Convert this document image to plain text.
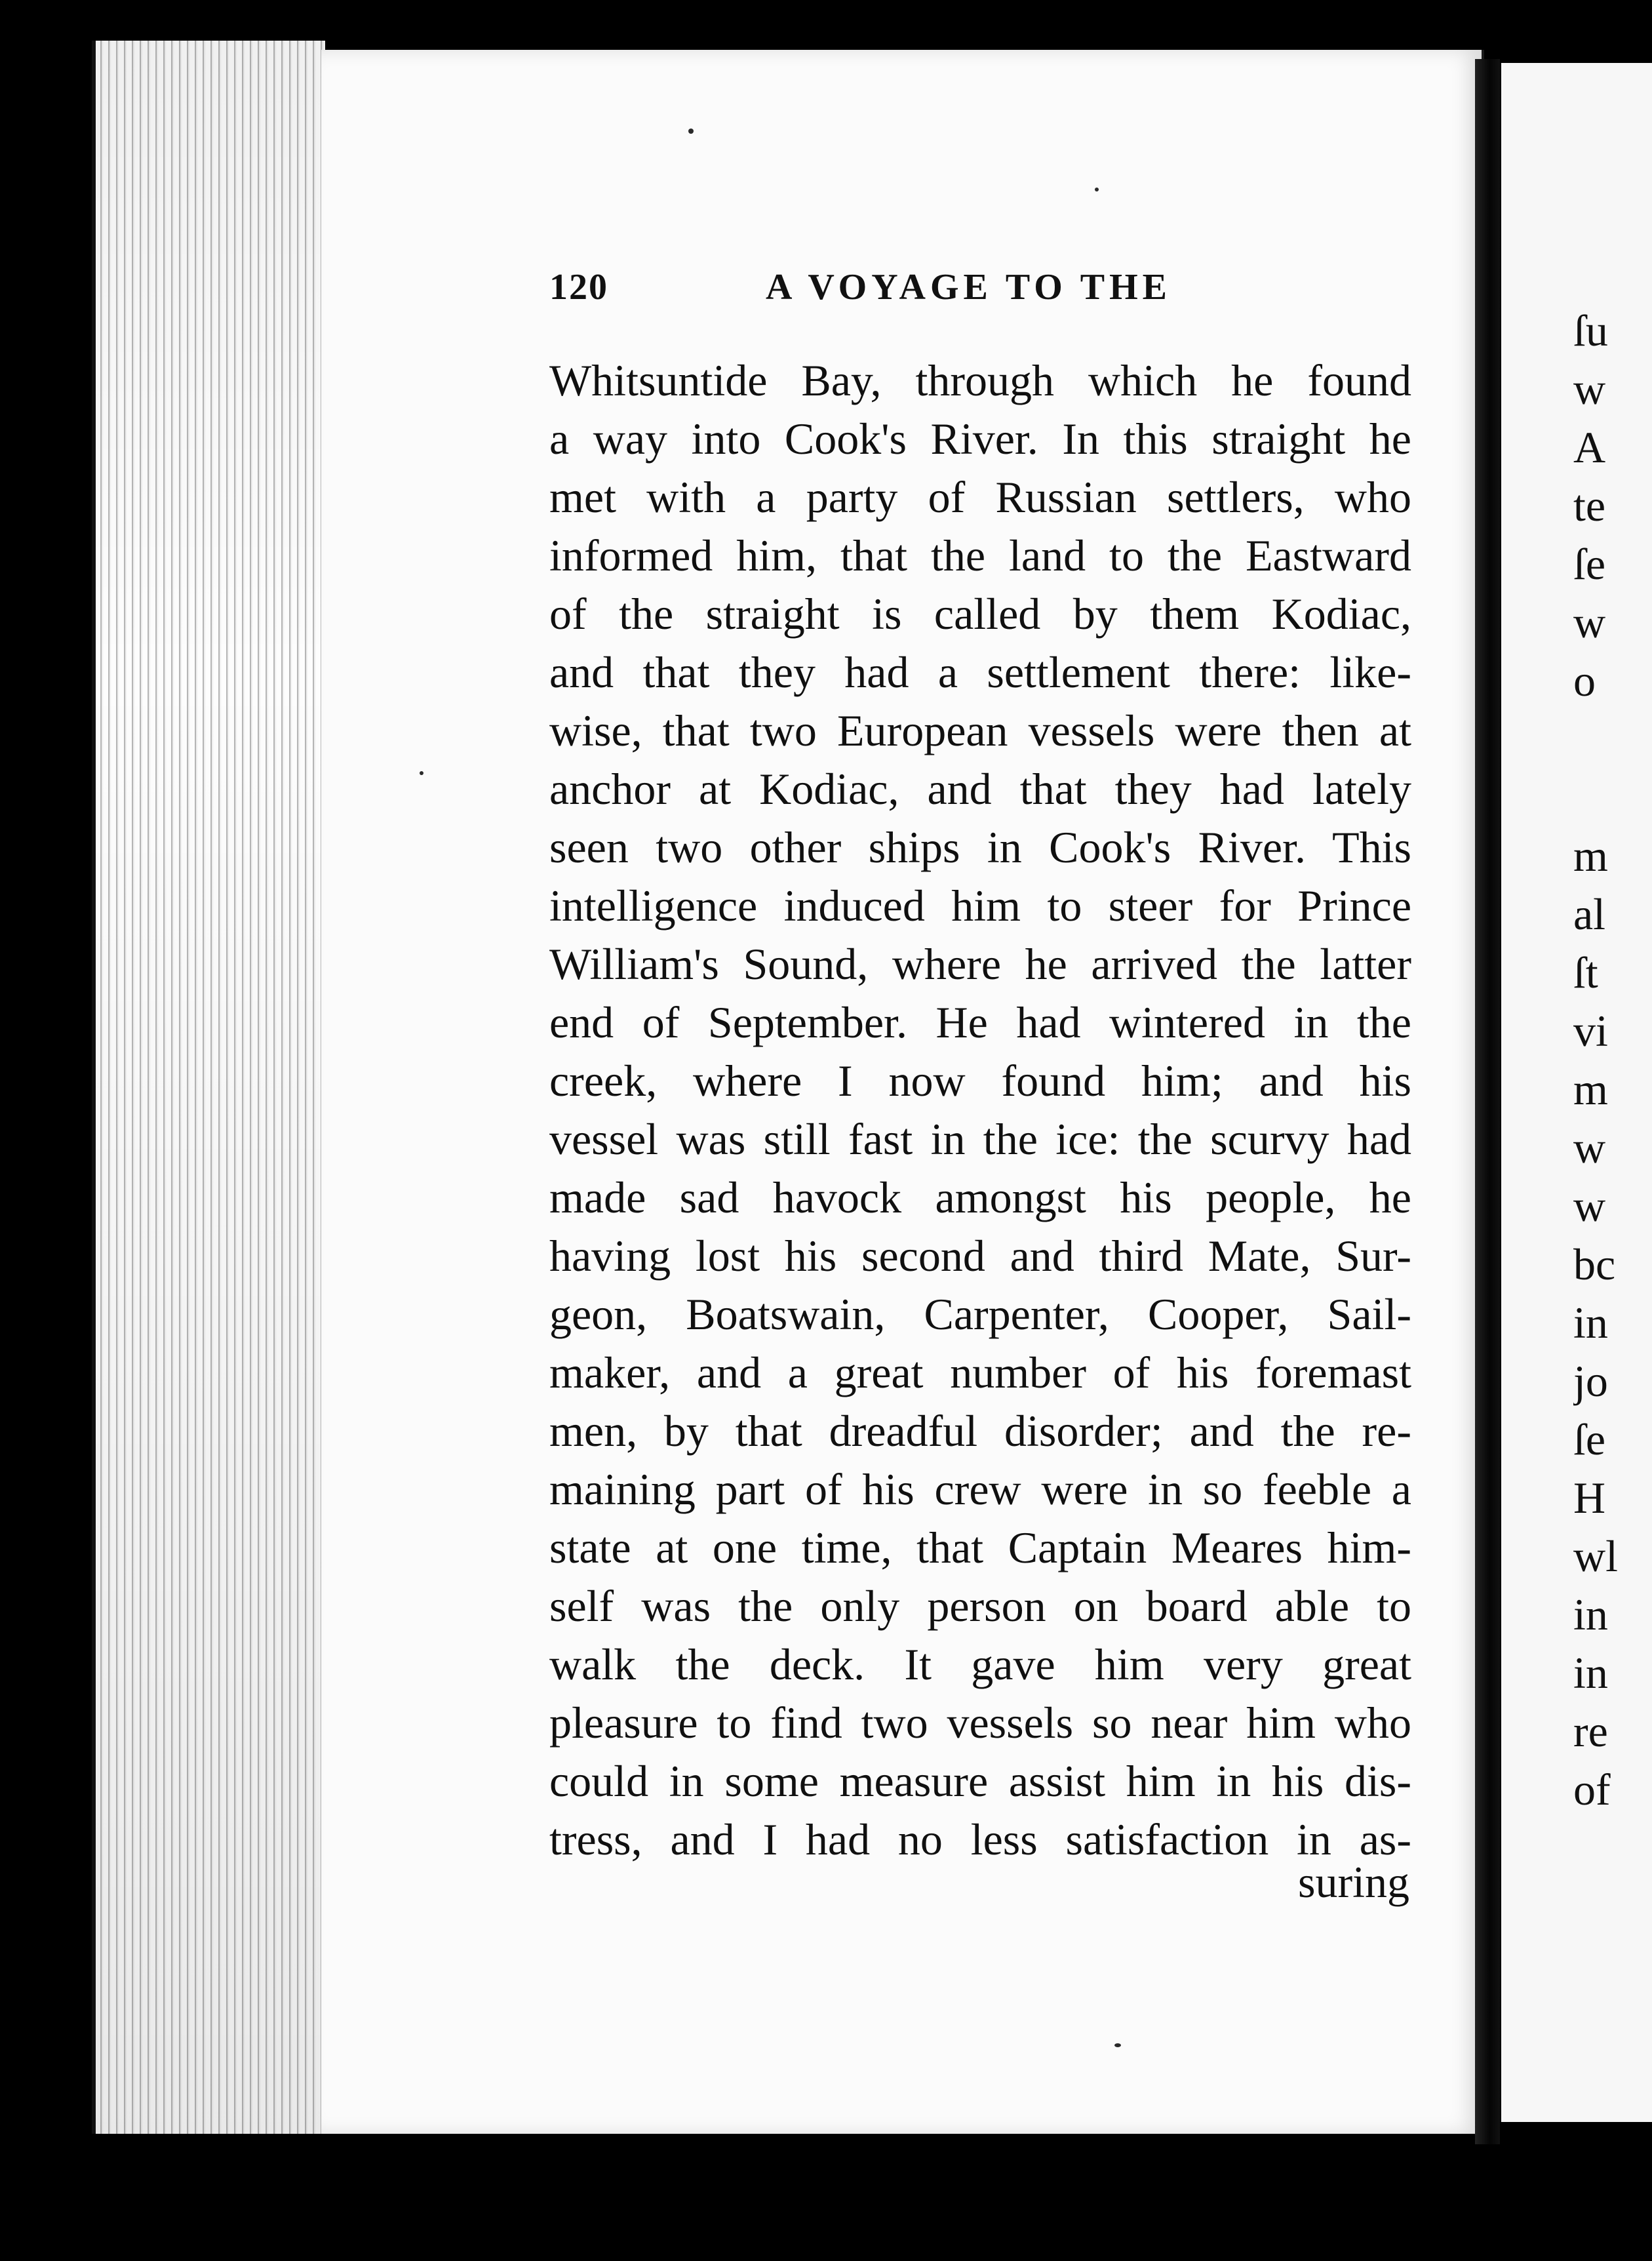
120	A VOYAGE TO THE
Whitsuntide Bay, through which he found
a way into Cook's River. In this straight he
met with a party of Russian settlers, who
informed him, that the land to the Eastward
of the straight is called by them Kodiac,
and that they had a settlement there: like-
wise, that two European vessels were then at
anchor at Kodiac, and that they had lately
seen two other ships in Cook's River. This
intelligence induced him to steer for Prince
William's Sound, where he arrived the latter
end of September. He had wintered in the
creek, where I now found him; and his
vessel was still fast in the ice: the scurvy had
made sad havock amongst his people, he
having lost his second and third Mate, Sur-
geon, Boatswain, Carpenter, Cooper, Sail-
maker, and a great number of his foremast
men, by that dreadful disorder; and the re-
maining part of his crew were in so feeble a
state at one time, that Captain Meares him-
self was the only person on board able to
walk the deck. It gave him very great
pleasure to find two vessels so near him who
could in some measure assist him in his dis-
tress, and I had no less satisfaction in as-
suring
ſu
w
A
te
ſe
w
o
m
al
ſt
vi
m
w
w
bc
in
jo
ſe
H
wl
in
in
re
of
